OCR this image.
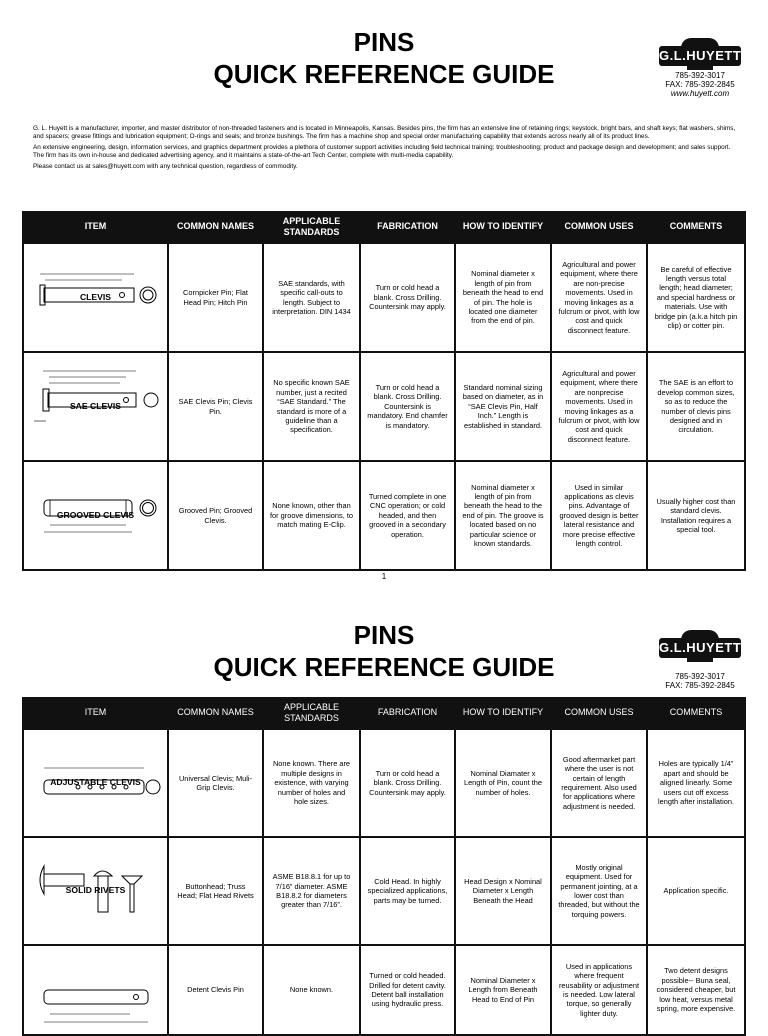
PINS
QUICK REFERENCE GUIDE
G.L.HUYETT
785-392-3017
FAX: 785-392-2845
www.huyett.com

G. L. Huyett is a manufacturer, importer, and master distributor of non-threaded fasteners and is located in Minneapolis, Kansas. Besides pins, the firm has an extensive line of retaining rings; keystock, bright bars, and shaft keys; flat washers, shims, and spacers; grease fittings and lubrication equipment; O-rings and seals; and bronze bushings. The firm has a machine shop and special order manufacturing capability that extends across nearly all of its product lines.

An extensive engineering, design, information services, and graphics department provides a plethora of customer support activities including field technical training; troubleshooting; product and package design and development; and sales support. The firm has its own in-house and dedicated advertising agency, and it maintains a state-of-the-art Tech Center, complete with multi-media capability.

Please contact us at sales@huyett.com with any technical question, regardless of commodity.

ITEM	COMMON NAMES	APPLICABLE STANDARDS	FABRICATION	HOW TO IDENTIFY	COMMON USES	COMMENTS

CLEVIS	Cornpicker Pin; Flat Head Pin; Hitch Pin	SAE standards, with specific call-outs to length. Subject to interpretation. DIN 1434	Turn or cold head a blank. Cross Drilling. Countersink may apply.	Nominal diameter x length of pin from beneath the head to end of pin. The hole is located one diameter from the end of pin.	Agricultural and power equipment, where there are non-precise movements. Used in moving linkages as a fulcrum or pivot, with low cost and quick disconnect feature.	Be careful of effective length versus total length; head diameter; and special hardness or materials. Use with bridge pin (a.k.a hitch pin clip) or cotter pin.

SAE CLEVIS	SAE Clevis Pin; Clevis Pin.	No specific known SAE number, just a recited “SAE Standard.” The standard is more of a guideline than a specification.	Turn or cold head a blank. Cross Drilling. Countersink is mandatory. End chamfer is mandatory.	Standard nominal sizing based on diameter, as in “SAE Clevis Pin, Half Inch.” Length is established in standard.	Agricultural and power equipment, where there are nonprecise movements. Used in moving linkages as a fulcrum or pivot, with low cost and quick disconnect feature.	The SAE is an effort to develop common sizes, so as to reduce the number of clevis pins designed and in circulation.

GROOVED CLEVIS	Grooved Pin; Grooved Clevis.	None known, other than for groove dimensions, to match mating E-Clip.	Turned complete in one CNC operation; or cold headed, and then grooved in a secondary operation.	Nominal diameter x length of pin from beneath the head to the end of pin. The groove is located based on no particular science or known standards.	Used in similar applications as clevis pins. Advantage of grooved design is better lateral resistance and more precise effective length control.	Usually higher cost than standard clevis. Installation requires a special tool.
1
PINS
QUICK REFERENCE GUIDE
G.L.HUYETT
785-392-3017
FAX: 785-392-2845
ITEM	COMMON NAMES	APPLICABLE STANDARDS	FABRICATION	HOW TO IDENTIFY	COMMON USES	COMMENTS

ADJUSTABLE CLEVIS	Universal Clevis; Muli-Grip Clevis.	None known. There are multiple designs in existence, with varying number of holes and hole sizes.	Turn or cold head a blank. Cross Drilling. Countersink may apply.	Nominal Diamater x Length of Pin, count the number of holes.	Good aftermarket part where the user is not certain of length requirement. Also used for applications where adjustment is needed.	Holes are typically 1/4” apart and should be aligned linearly. Some users cut off excess length after installation.

SOLID RIVETS	Buttonhead; Truss Head; Flat Head Rivets	ASME B18.8.1 for up to 7/16” diameter. ASME B18.8.2 for diameters greater than 7/16”.	Cold Head. In highly specialized applications, parts may be turned.	Head Design x Nominal Diameter x Length Beneath the Head	Mostly original equipment. Used for permanent jointing, at a lower cost than threaded, but without the torquing powers.	Application specific.

	Detent Clevis Pin	None known.	Turned or cold headed. Drilled for detent cavity. Detent ball installation using hydraulic press.	Nominal Diameter x Length from Beneath Head to End of Pin	Used in applications where frequent reusability or adjustment is needed. Low lateral torque, so generally lighter duty.	Two detent designs possible-- Buna seal, considered cheaper, but low heat, versus metal spring, more expensive.
